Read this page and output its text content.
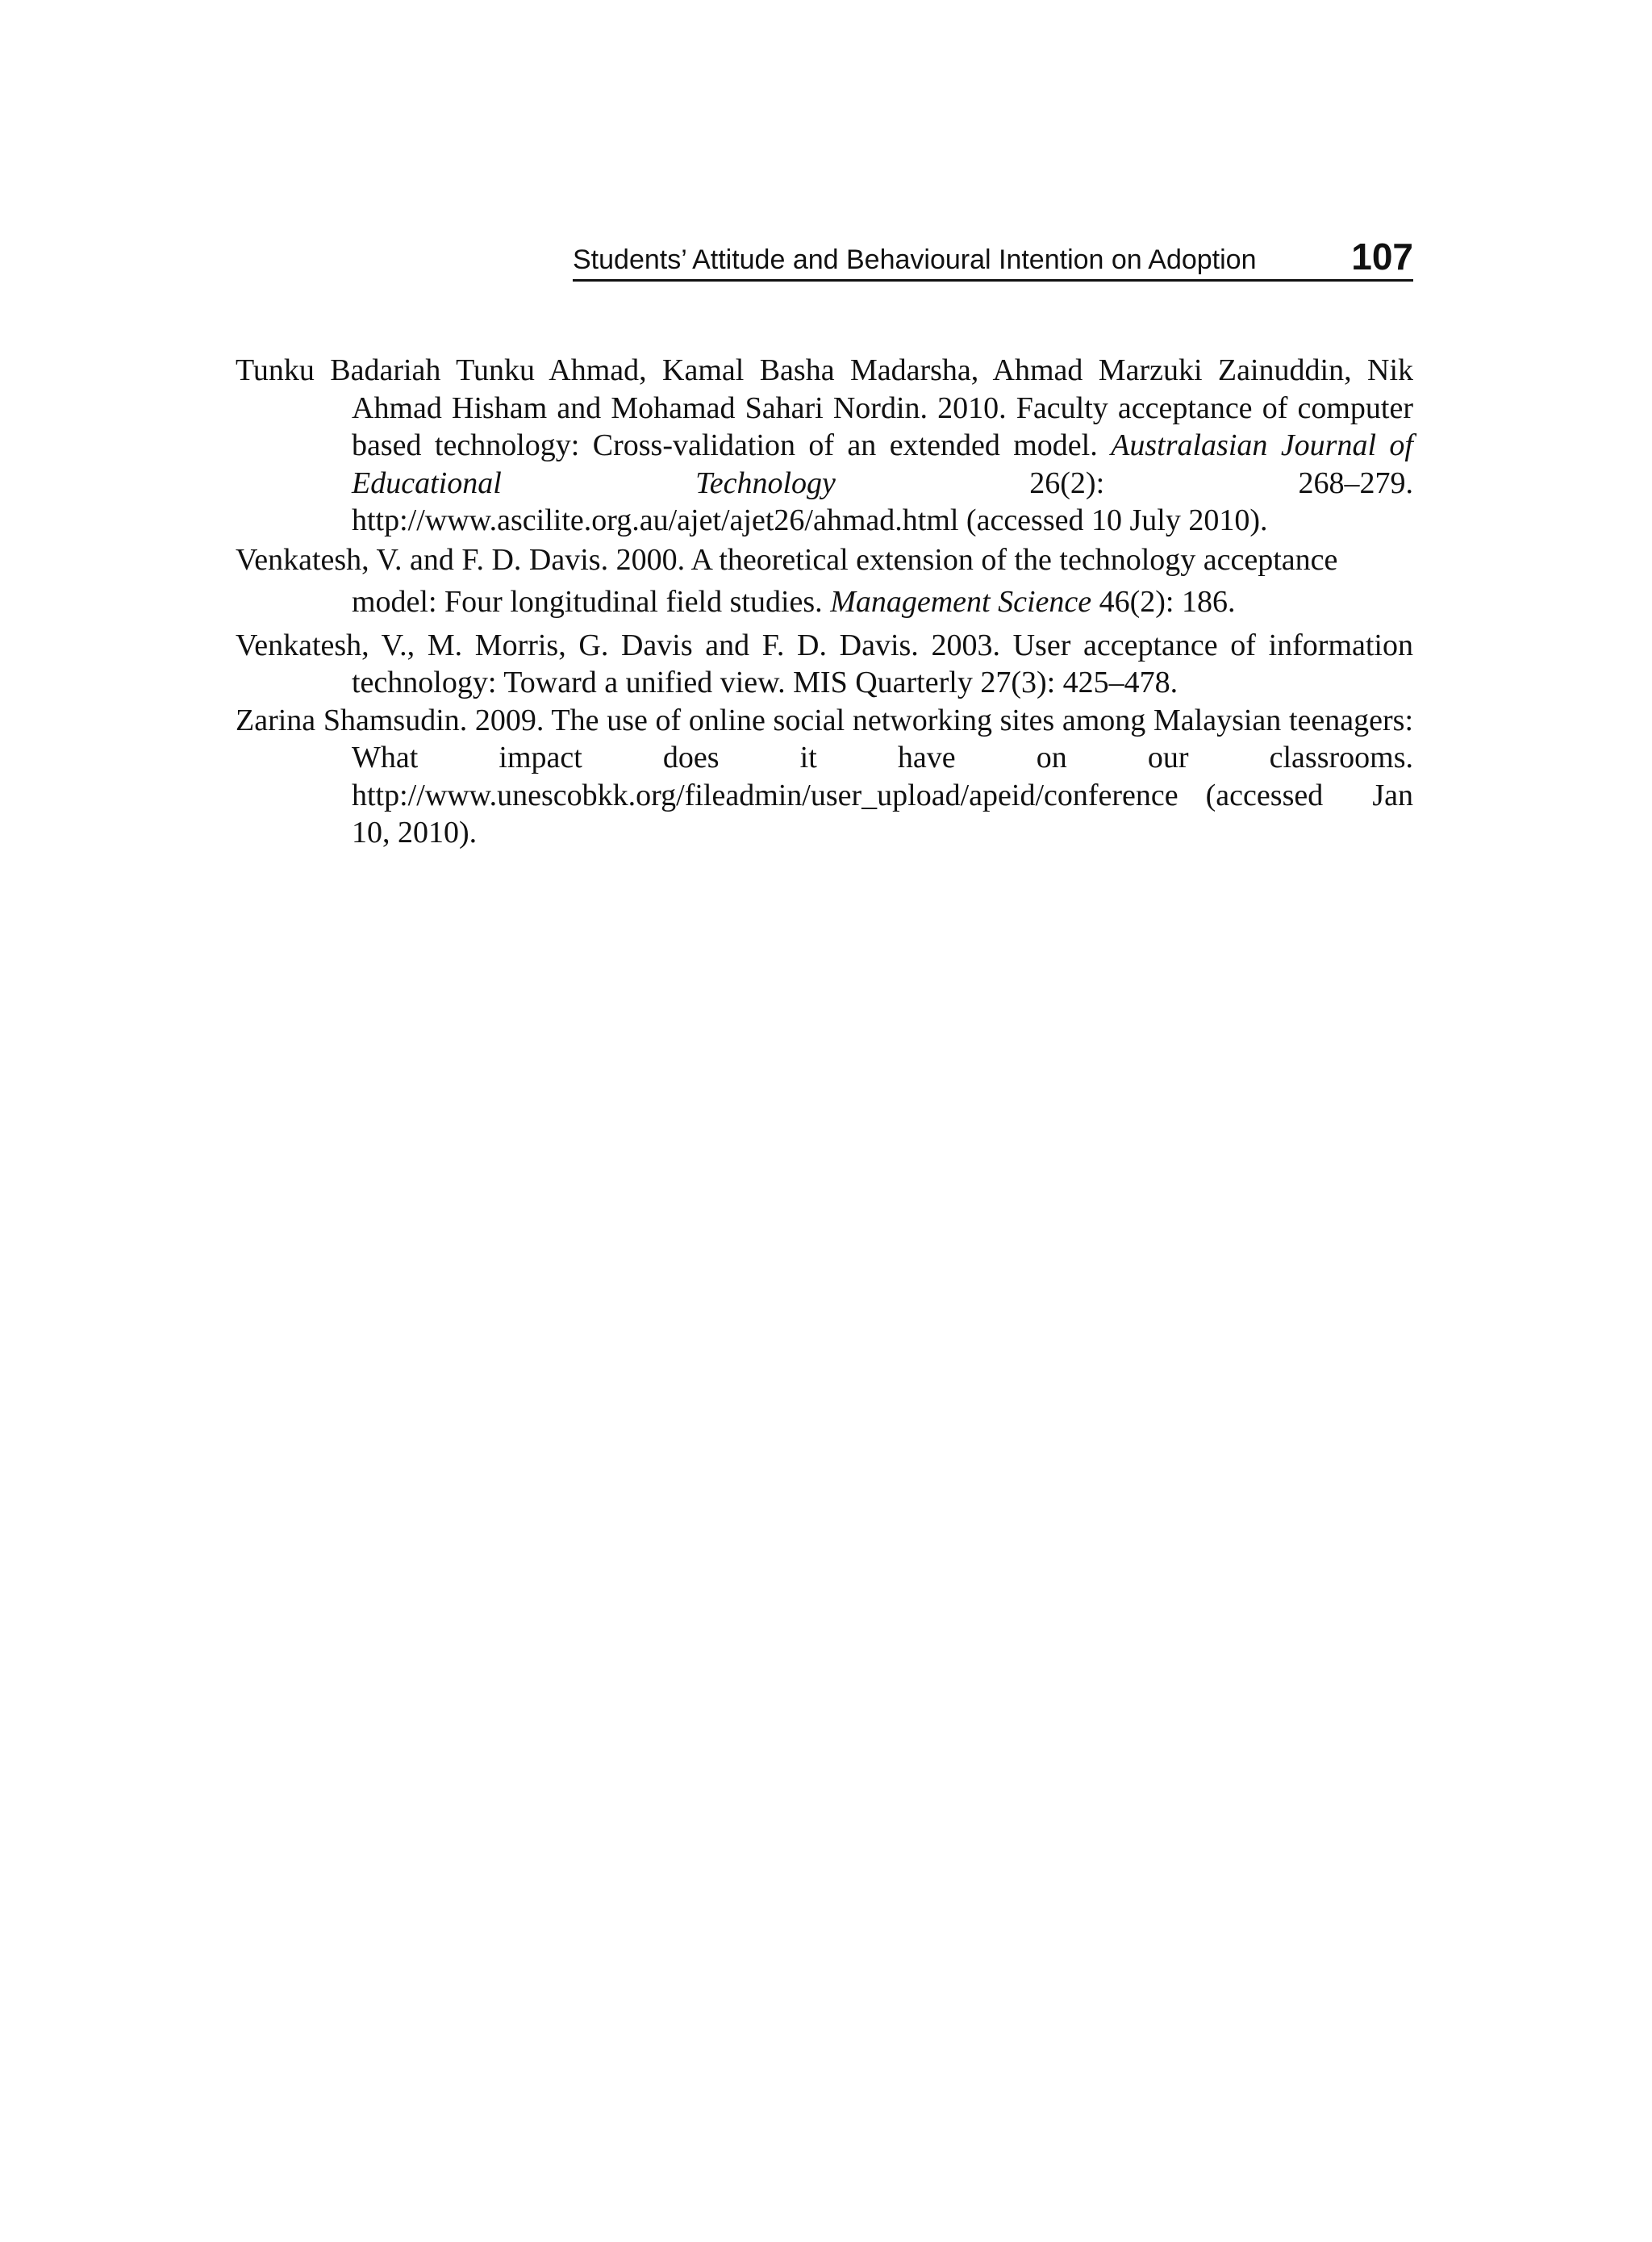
Students’ Attitude and Behavioural Intention on Adoption	107
Tunku Badariah Tunku Ahmad, Kamal Basha Madarsha, Ahmad Marzuki Zainuddin, Nik Ahmad Hisham and Mohamad Sahari Nordin. 2010. Faculty acceptance of computer based technology: Cross-validation of an extended model. Australasian Journal of Educational Technology 26(2): 268–279. http://www.ascilite.org.au/ajet/ajet26/ahmad.html (accessed 10 July 2010).
Venkatesh, V. and F. D. Davis. 2000. A theoretical extension of the technology acceptance model: Four longitudinal field studies. Management Science 46(2): 186.
Venkatesh, V., M. Morris, G. Davis and F. D. Davis. 2003. User acceptance of information technology: Toward a unified view. MIS Quarterly 27(3): 425–478.
Zarina Shamsudin. 2009. The use of online social networking sites among Malaysian teenagers: What impact does it have on our classrooms. http://www.unescobkk.org/fileadmin/user_upload/apeid/conference (accessed Jan 10, 2010).
